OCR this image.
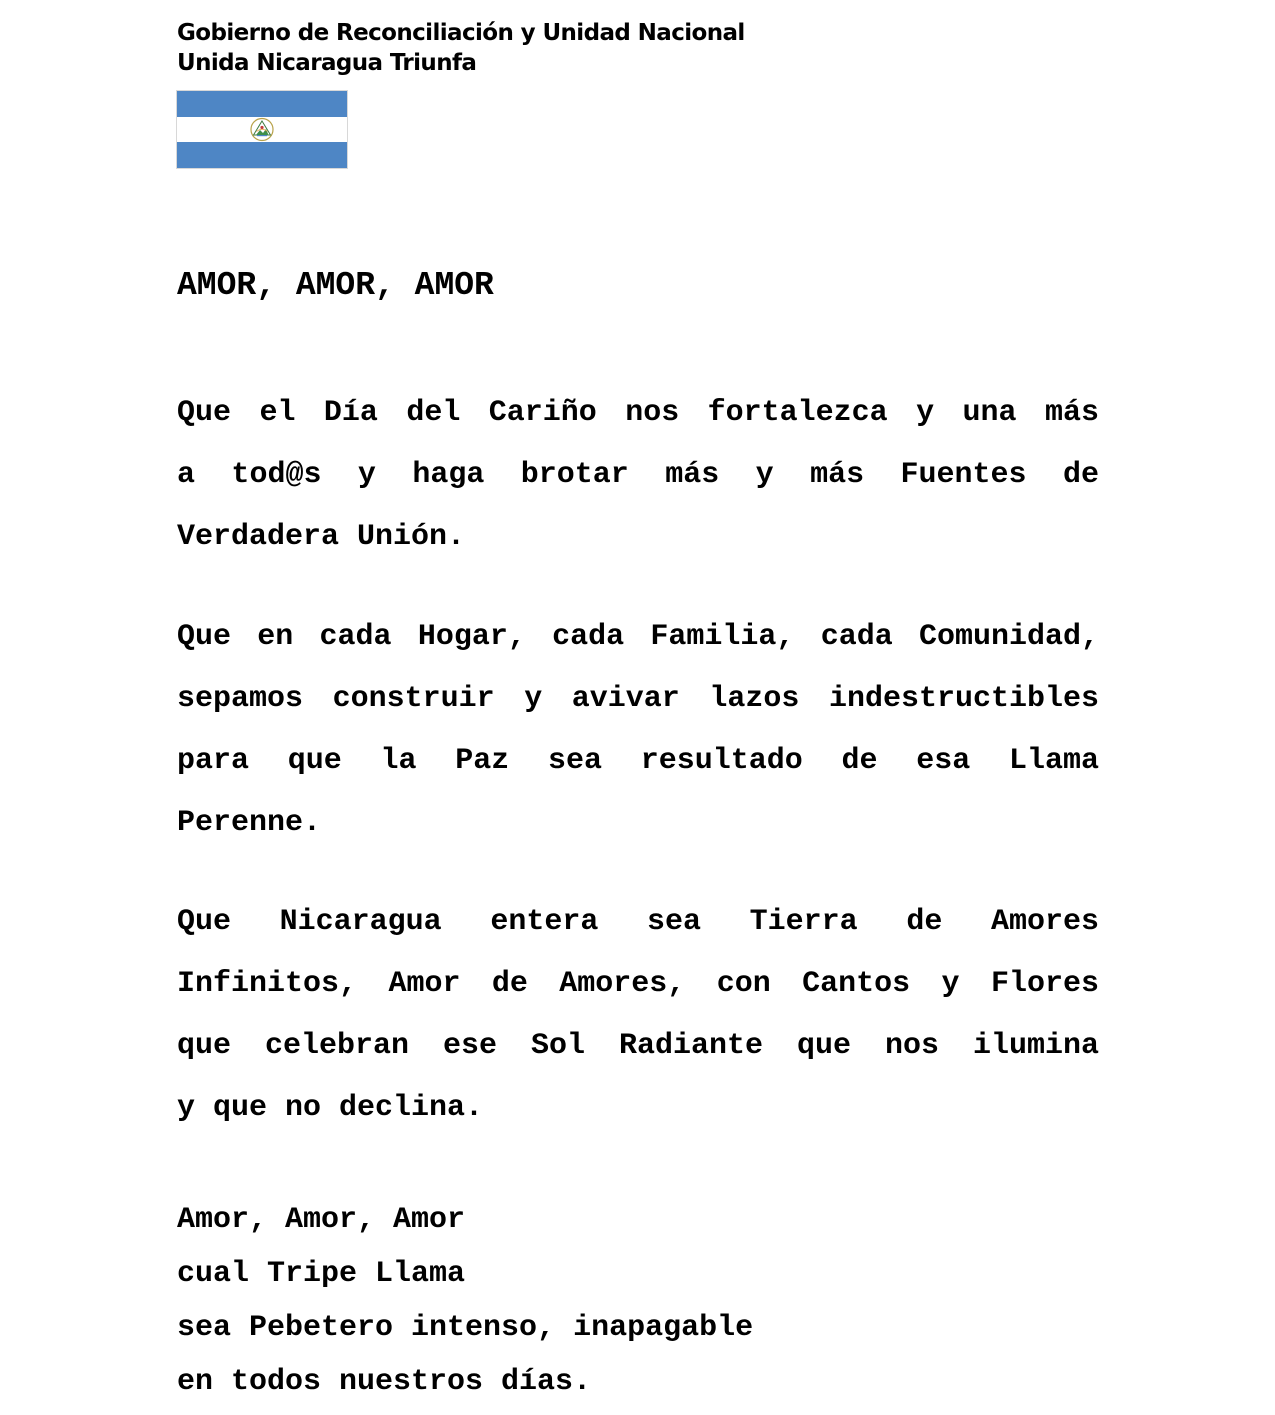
Gobierno de Reconciliación y Unidad Nacional
Unida Nicaragua Triunfa
AMOR, AMOR, AMOR
Que el Día del Cariño nos fortalezca y una más
a tod@s y haga brotar más y más Fuentes de
Verdadera Unión.
Que en cada Hogar, cada Familia, cada Comunidad,
sepamos construir y avivar lazos indestructibles
para que la Paz sea resultado de esa Llama
Perenne.
Que Nicaragua entera sea Tierra de Amores
Infinitos, Amor de Amores, con Cantos y Flores
que celebran ese Sol Radiante que nos ilumina
y que no declina.
Amor, Amor, Amor
cual Tripe Llama
sea Pebetero intenso, inapagable
en todos nuestros días.
